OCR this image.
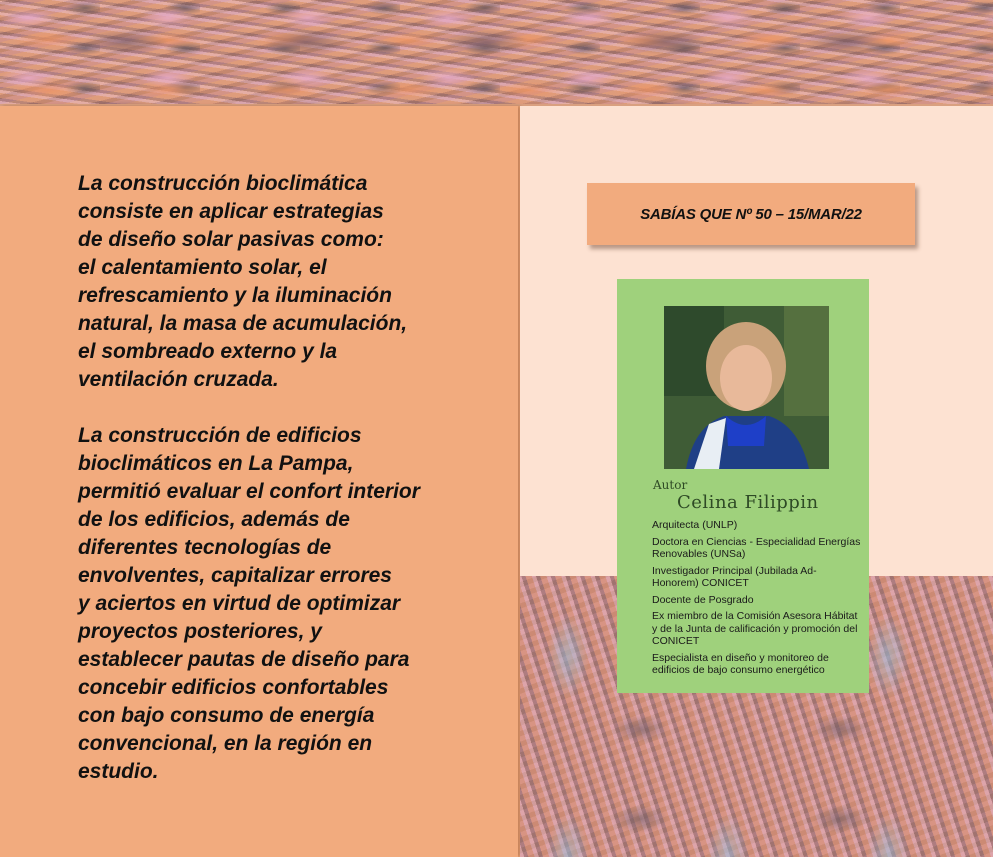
La construcción bioclimática
consiste en aplicar estrategias
de diseño solar pasivas como:
el calentamiento solar, el
refrescamiento y la iluminación
natural, la masa de acumulación,
el sombreado externo y la
ventilación cruzada.

La construcción de edificios
bioclimáticos en La Pampa,
permitió evaluar el confort interior
de los edificios, además de
diferentes tecnologías de
envolventes, capitalizar errores
y aciertos en virtud de optimizar
proyectos posteriores, y
establecer pautas de diseño para
concebir edificios confortables
con bajo consumo de energía
convencional, en la región en
estudio.

SABÍAS QUE Nº 50 – 15/MAR/22
Autor
Celina Filippin
Arquitecta (UNLP)
Doctora en Ciencias - Especialidad Energías Renovables (UNSa)
Investigador Principal (Jubilada Ad-Honorem) CONICET
Docente de Posgrado
Ex miembro de la Comisión Asesora Hábitat y de la Junta de calificación y promoción del CONICET
Especialista en diseño y monitoreo de edificios de bajo consumo energético
